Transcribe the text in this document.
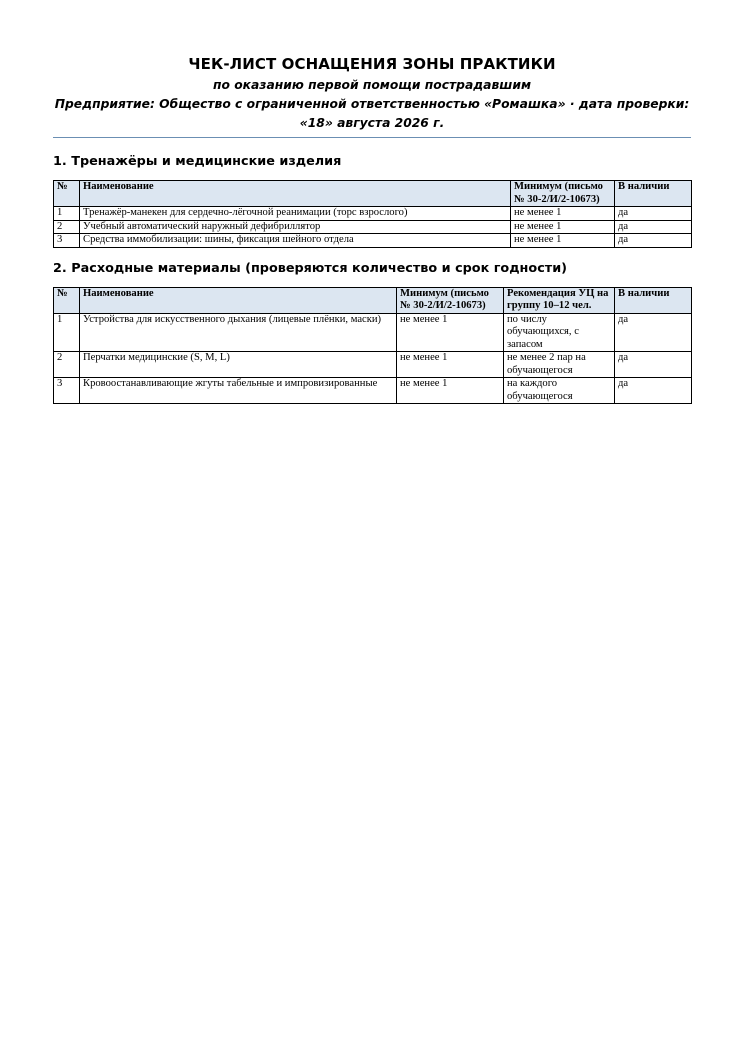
ЧЕК-ЛИСТ ОСНАЩЕНИЯ ЗОНЫ ПРАКТИКИ

по оказанию первой помощи пострадавшим

Предприятие: Общество с ограниченной ответственностью «Ромашка» · дата проверки: «18» августа 2026 г.

1. Тренажёры и медицинские изделия

№	Наименование	Минимум (письмо № 30-2/И/2-10673)	В наличии
1	Тренажёр-манекен для сердечно-лёгочной реанимации (торс взрослого)	не менее 1	да
2	Учебный автоматический наружный дефибриллятор	не менее 1	да
3	Средства иммобилизации: шины, фиксация шейного отдела	не менее 1	да

2. Расходные материалы (проверяются количество и срок годности)

№	Наименование	Минимум (письмо № 30-2/И/2-10673)	Рекомендация УЦ на группу 10–12 чел.	В наличии
1	Устройства для искусственного дыхания (лицевые плёнки, маски)	не менее 1	по числу обучающихся, с запасом	да
2	Перчатки медицинские (S, M, L)	не менее 1	не менее 2 пар на обучающегося	да
3	Кровоостанавливающие жгуты табельные и импровизированные	не менее 1	на каждого обучающегося	да
